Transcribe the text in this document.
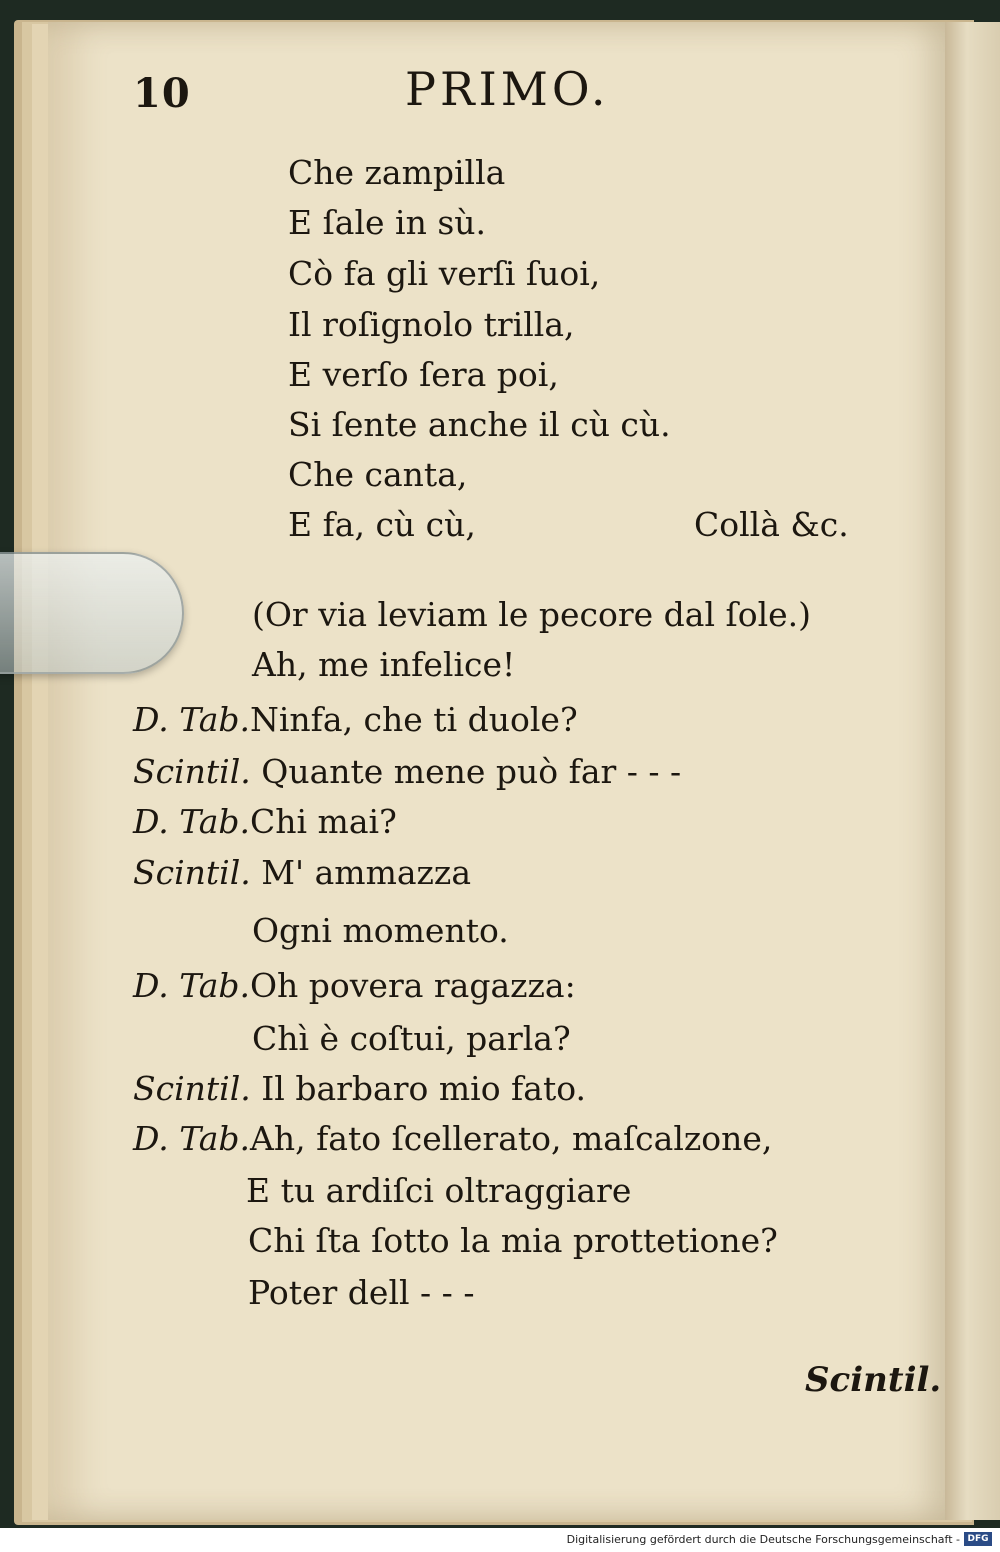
10	PRIMO.
Che zampilla
E ſale in sù.
Cò fa gli verſi ſuoi,
Il roſignolo trilla,
E verſo ſera poi,
Si ſente anche il cù cù.
Che canta,
E fa, cù cù,	Collà &c.
(Or via leviam le pecore dal ſole.)
Ah, me infelice!
D. Tab.Ninfa, che ti duole?
Scintil. Quante mene può far - - -
D. Tab.Chi mai?
Scintil. M' ammazza
Ogni momento.
D. Tab.Oh povera ragazza:
Chì è coſtui, parla?
Scintil. Il barbaro mio fato.
D. Tab.Ah, fato ſcellerato, maſcalzone,
E tu ardiſci oltraggiare
Chi ſta ſotto la mia prottetione?
Poter dell - - -
Scintil.
Digitalisierung gefördert durch die Deutsche Forschungsgemeinschaft - DFG
